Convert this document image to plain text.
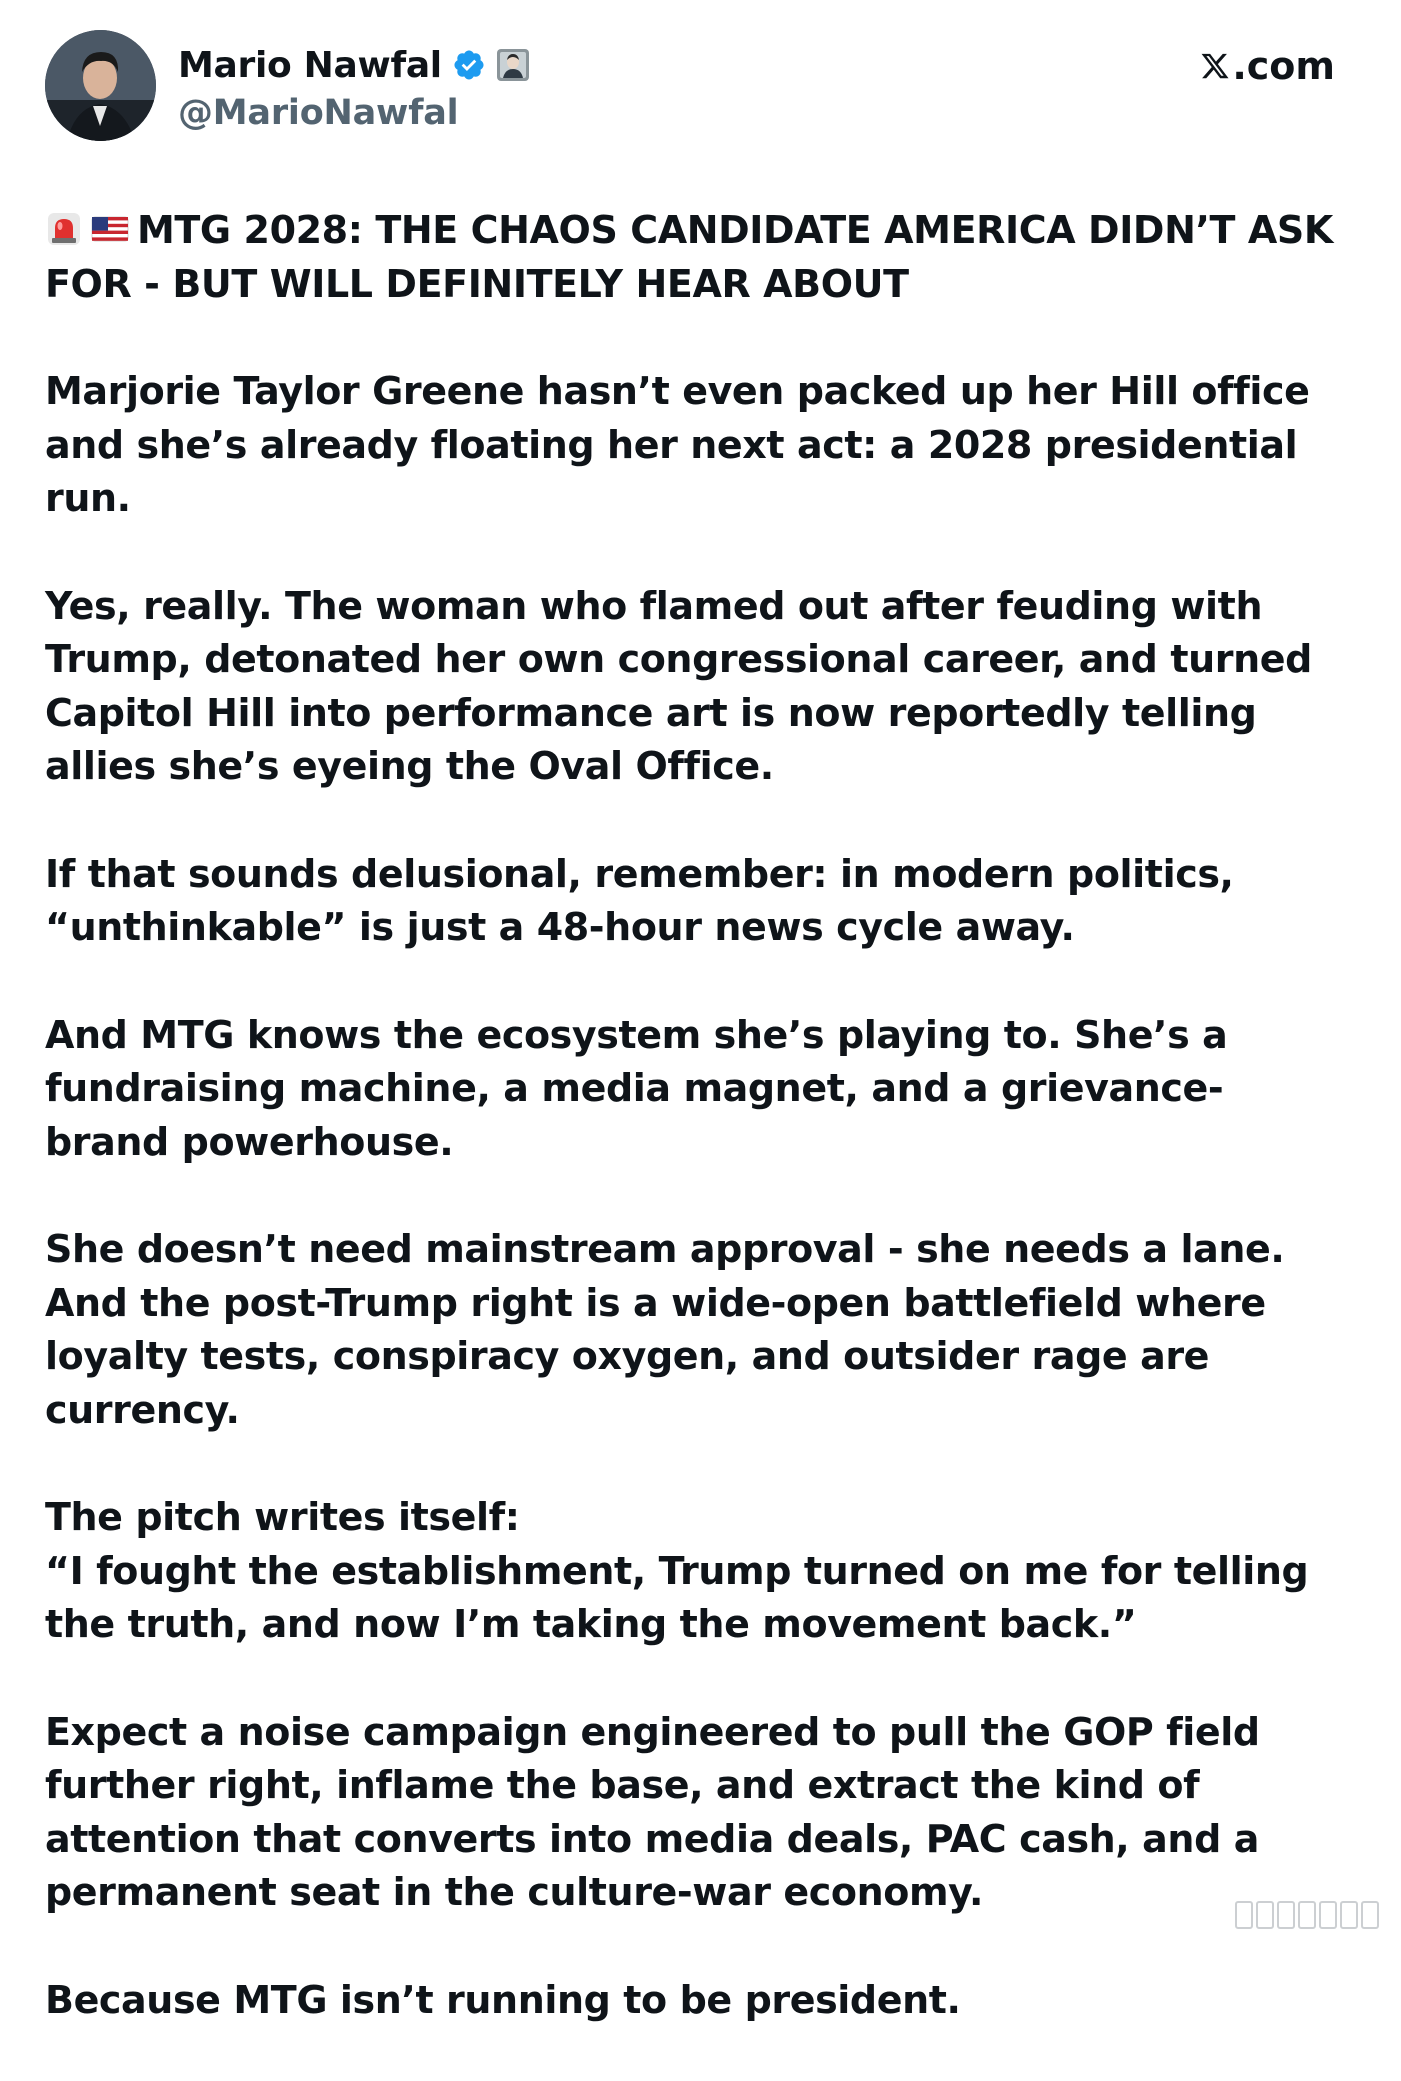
Mario Nawfal
@MarioNawfal
.com

MTG 2028: THE CHAOS CANDIDATE AMERICA DIDN’T ASK FOR - BUT WILL DEFINITELY HEAR ABOUT

Marjorie Taylor Greene hasn’t even packed up her Hill office and she’s already floating her next act: a 2028 presidential run.

Yes, really. The woman who flamed out after feuding with Trump, detonated her own congressional career, and turned Capitol Hill into performance art is now reportedly telling allies she’s eyeing the Oval Office.

If that sounds delusional, remember: in modern politics, “unthinkable” is just a 48-hour news cycle away.

And MTG knows the ecosystem she’s playing to. She’s a fundraising machine, a media magnet, and a grievance-brand powerhouse.

She doesn’t need mainstream approval - she needs a lane. And the post-Trump right is a wide-open battlefield where loyalty tests, conspiracy oxygen, and outsider rage are currency.

The pitch writes itself:
“I fought the establishment, Trump turned on me for telling the truth, and now I’m taking the movement back.”

Expect a noise campaign engineered to pull the GOP field further right, inflame the base, and extract the kind of attention that converts into media deals, PAC cash, and a permanent seat in the culture-war economy.

Because MTG isn’t running to be president.
